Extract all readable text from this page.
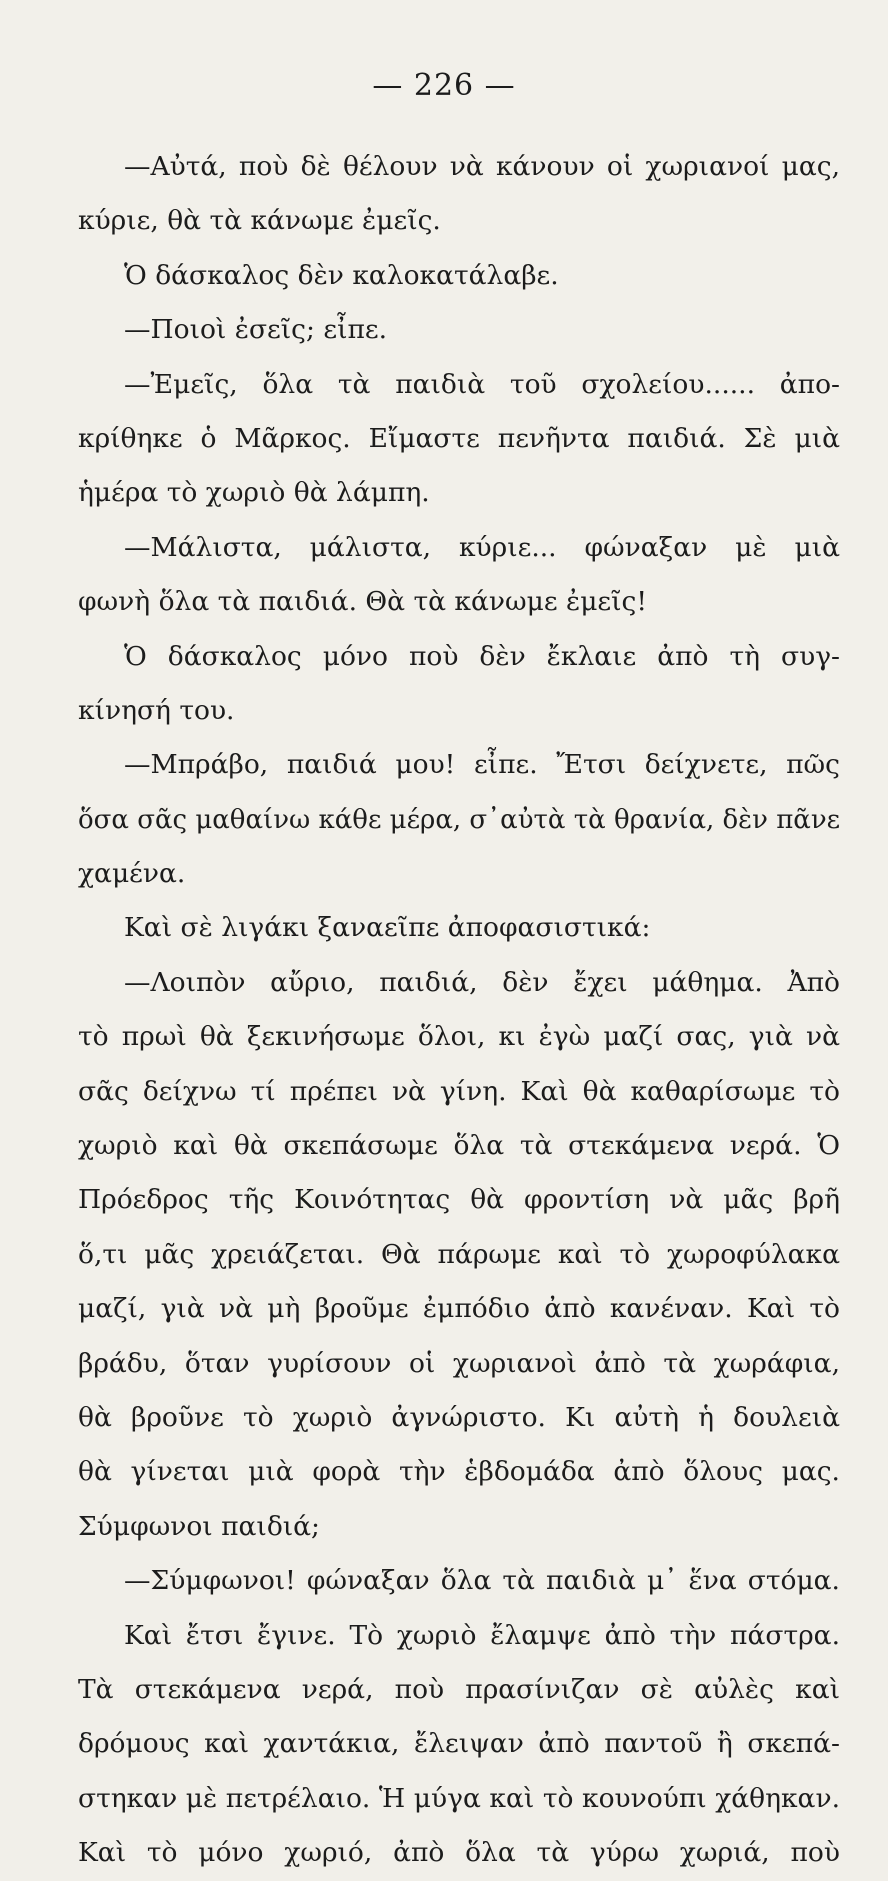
— 226 —
—Αὐτά, ποὺ δὲ θέλουν νὰ κάνουν οἱ χωριανοί μας,
κύριε, θὰ τὰ κάνωμε ἐμεῖς.
Ὁ δάσκαλος δὲν καλοκατάλαβε.
—Ποιοὶ ἐσεῖς; εἶπε.
—Ἐμεῖς, ὅλα τὰ παιδιὰ τοῦ σχολείου...... ἀπο-
κρίθηκε ὁ Μᾶρκος. Εἴμαστε πενῆντα παιδιά. Σὲ μιὰ
ἡμέρα τὸ χωριὸ θὰ λάμπη.
—Μάλιστα, μάλιστα, κύριε... φώναξαν μὲ μιὰ
φωνὴ ὅλα τὰ παιδιά. Θὰ τὰ κάνωμε ἐμεῖς!
Ὁ δάσκαλος μόνο ποὺ δὲν ἔκλαιε ἀπὸ τὴ συγ-
κίνησή του.
—Μπράβο, παιδιά μου! εἶπε. Ἔτσι δείχνετε, πῶς
ὅσα σᾶς μαθαίνω κάθε μέρα, σ᾽αὐτὰ τὰ θρανία, δὲν πᾶνε
χαμένα.
Καὶ σὲ λιγάκι ξαναεῖπε ἀποφασιστικά:
—Λοιπὸν αὔριο, παιδιά, δὲν ἔχει μάθημα. Ἀπὸ
τὸ πρωὶ θὰ ξεκινήσωμε ὅλοι, κι ἐγὼ μαζί σας, γιὰ νὰ
σᾶς δείχνω τί πρέπει νὰ γίνη. Καὶ θὰ καθαρίσωμε τὸ
χωριὸ καὶ θὰ σκεπάσωμε ὅλα τὰ στεκάμενα νερά. Ὁ
Πρόεδρος τῆς Κοινότητας θὰ φροντίση νὰ μᾶς βρῆ
ὅ,τι μᾶς χρειάζεται. Θὰ πάρωμε καὶ τὸ χωροφύλακα
μαζί, γιὰ νὰ μὴ βροῦμε ἐμπόδιο ἀπὸ κανέναν. Καὶ τὸ
βράδυ, ὅταν γυρίσουν οἱ χωριανοὶ ἀπὸ τὰ χωράφια,
θὰ βροῦνε τὸ χωριὸ ἀγνώριστο. Κι αὐτὴ ἡ δουλειὰ
θὰ γίνεται μιὰ φορὰ τὴν ἑβδομάδα ἀπὸ ὅλους μας.
Σύμφωνοι παιδιά;
—Σύμφωνοι! φώναξαν ὅλα τὰ παιδιὰ μ᾽ ἕνα στόμα.
Καὶ ἔτσι ἔγινε. Τὸ χωριὸ ἔλαμψε ἀπὸ τὴν πάστρα.
Τὰ στεκάμενα νερά, ποὺ πρασίνιζαν σὲ αὐλὲς καὶ
δρόμους καὶ χαντάκια, ἔλειψαν ἀπὸ παντοῦ ἢ σκεπά-
στηκαν μὲ πετρέλαιο. Ἡ μύγα καὶ τὸ κουνούπι χάθηκαν.
Καὶ τὸ μόνο χωριό, ἀπὸ ὅλα τὰ γύρω χωριά, ποὺ
